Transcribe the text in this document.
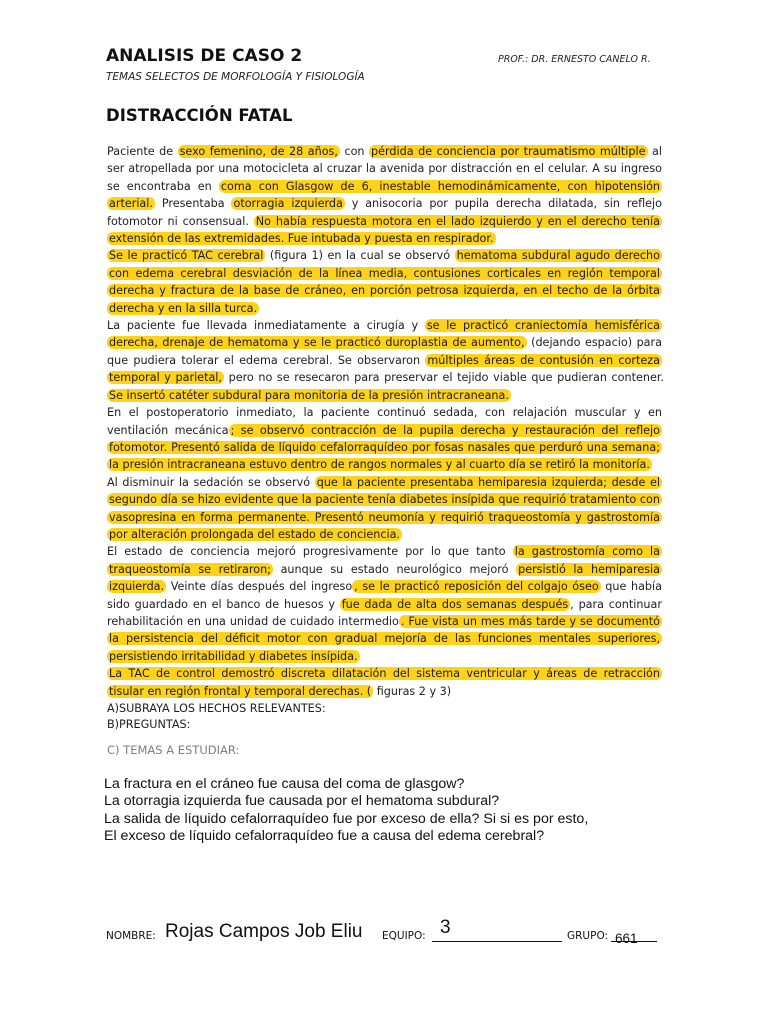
ANALISIS DE CASO 2	PROF.: DR. ERNESTO CANELO R.
TEMAS SELECTOS DE MORFOLOGÍA Y FISIOLOGÍA
DISTRACCIÓN FATAL

Paciente de sexo femenino, de 28 años, con pérdida de conciencia por traumatismo múltiple al ser atropellada por una motocicleta al cruzar la avenida por distracción en el celular. A su ingreso se encontraba en coma con Glasgow de 6, inestable hemodinámicamente, con hipotensión arterial. Presentaba otorragia izquierda y anisocoria por pupila derecha dilatada, sin reflejo fotomotor ni consensual. No había respuesta motora en el lado izquierdo y en el derecho tenía extensión de las extremidades. Fue intubada y puesta en respirador.

Se le practicó TAC cerebral (figura 1) en la cual se observó hematoma subdural agudo derecho con edema cerebral desviación de la línea media, contusiones corticales en región temporal derecha y fractura de la base de cráneo, en porción petrosa izquierda, en el techo de la órbita derecha y en la silla turca.

La paciente fue llevada inmediatamente a cirugía y se le practicó craniectomía hemisférica derecha, drenaje de hematoma y se le practicó duroplastia de aumento, (dejando espacio) para que pudiera tolerar el edema cerebral. Se observaron múltiples áreas de contusión en corteza temporal y parietal, pero no se resecaron para preservar el tejido viable que pudieran contener. Se insertó catéter subdural para monitoria de la presión intracraneana.

En el postoperatorio inmediato, la paciente continuó sedada, con relajación muscular y en ventilación mecánica ; se observó contracción de la pupila derecha y restauración del reflejo fotomotor. Presentó salida de líquido cefalorraquídeo por fosas nasales que perduró una semana; la presión intracraneana estuvo dentro de rangos normales y al cuarto día se retiró la monitoría.

Al disminuir la sedación se observó que la paciente presentaba hemiparesia izquierda; desde el segundo día se hizo evidente que la paciente tenía diabetes insípida que requirió tratamiento con vasopresina en forma permanente. Presentó neumonía y requirió traqueostomía y gastrostomía por alteración prolongada del estado de conciencia.

El estado de conciencia mejoró progresivamente por lo que tanto la gastrostomía como la traqueostomía se retiraron; aunque su estado neurológico mejoró persistió la hemiparesia izquierda. Veinte días después del ingreso , se le practicó reposición del colgajo óseo que había sido guardado en el banco de huesos y fue dada de alta dos semanas después , para continuar rehabilitación en una unidad de cuidado intermedio . Fue vista un mes más tarde y se documentó la persistencia del déficit motor con gradual mejoría de las funciones mentales superiores, persistiendo irritabilidad y diabetes insípida.

La TAC de control demostró discreta dilatación del sistema ventricular y áreas de retracción tisular en región frontal y temporal derechas. ( figuras 2 y 3)

A)SUBRAYA LOS HECHOS RELEVANTES:
B)PREGUNTAS:
C) TEMAS A ESTUDIAR:
La fractura en el cráneo fue causa del coma de glasgow?
La otorragia izquierda fue causada por el hematoma subdural?
La salida de líquido cefalorraquídeo fue por exceso de ella? Si si es por esto,
El exceso de líquido cefalorraquídeo fue a causa del edema cerebral?
NOMBRE: Rojas Campos Job Eliu EQUIPO: 3	GRUPO: 661
